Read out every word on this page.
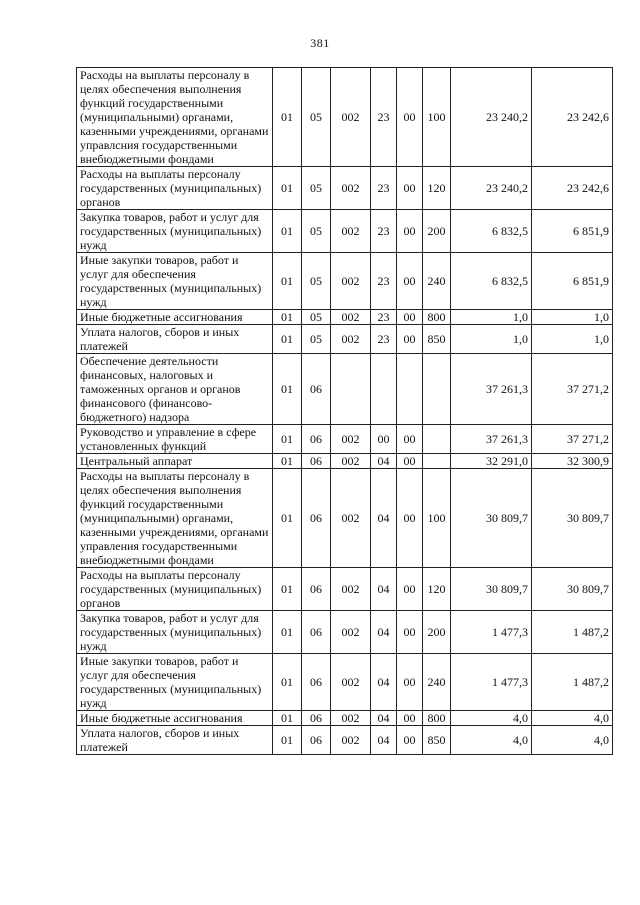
381
Расходы на выплаты персоналу в целях обеспечения выполнения функций государственными (муниципальными) органами, казенными учреждениями, органами управлсния государственными внебюджетными фондами	01	05	002	23	00	100	23 240,2	23 242,6
Расходы на выплаты персоналу государственных (муниципальных) органов	01	05	002	23	00	120	23 240,2	23 242,6
Закупка товаров, работ и услуг для государственных (муниципальных) нужд	01	05	002	23	00	200	6 832,5	6 851,9
Иные закупки товаров, работ и услуг для обеспечения государственных (муниципальных) нужд	01	05	002	23	00	240	6 832,5	6 851,9
Иные бюджетные ассигнования	01	05	002	23	00	800	1,0	1,0
Уплата налогов, сборов и иных платежей	01	05	002	23	00	850	1,0	1,0
Обеспечение деятельности финансовых, налоговых и таможенных органов и органов финансового (финансово-бюджетного) надзора	01	06					37 261,3	37 271,2
Руководство и управление в сфере установленных функций	01	06	002	00	00		37 261,3	37 271,2
Центральный аппарат	01	06	002	04	00		32 291,0	32 300,9
Расходы на выплаты персоналу в целях обеспечения выполнения функций государственными (муниципальными) органами, казенными учреждениями, органами управления государственными внебюджетными фондами	01	06	002	04	00	100	30 809,7	30 809,7
Расходы на выплаты персоналу государственных (муниципальных) органов	01	06	002	04	00	120	30 809,7	30 809,7
Закупка товаров, работ и услуг для государственных (муниципальных) нужд	01	06	002	04	00	200	1 477,3	1 487,2
Иные закупки товаров, работ и услуг для обеспечения государственных (муниципальных) нужд	01	06	002	04	00	240	1 477,3	1 487,2
Иные бюджетные ассигнования	01	06	002	04	00	800	4,0	4,0
Уплата налогов, сборов и иных платежей	01	06	002	04	00	850	4,0	4,0
